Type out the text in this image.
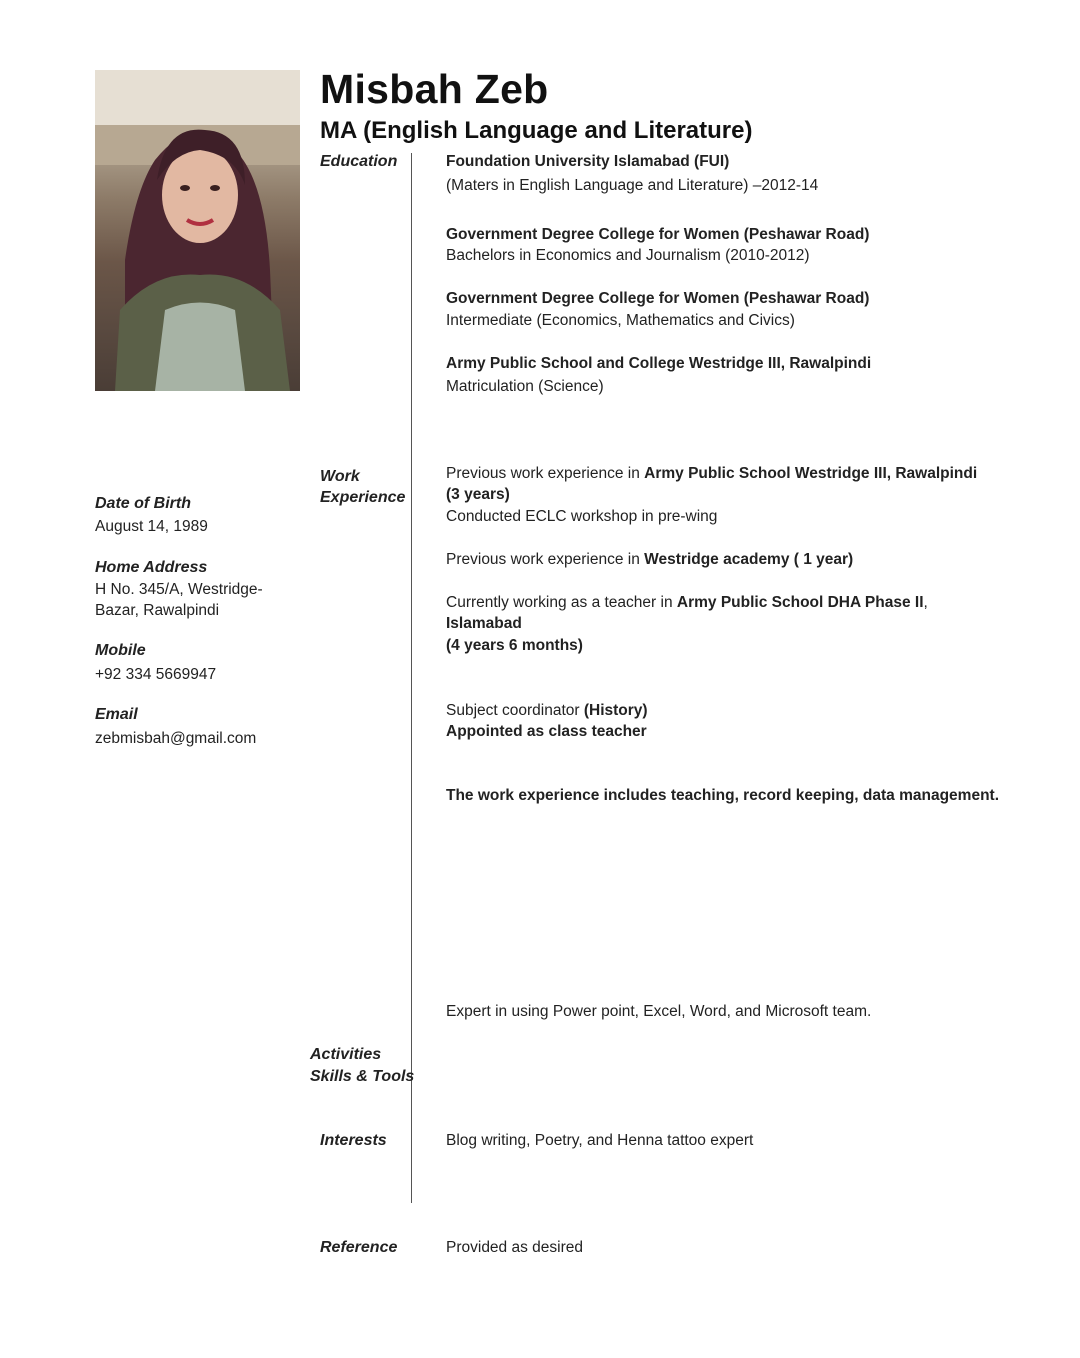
Misbah Zeb
MA (English Language and Literature)
Education
Work
Experience
Activities
Skills & Tools
Interests
Reference
Foundation University Islamabad (FUI)
(Maters in English Language and Literature) –2012-14
Government Degree College for Women (Peshawar Road)
Bachelors in Economics and Journalism (2010-2012)
Government Degree College for Women (Peshawar Road)
Intermediate (Economics, Mathematics and Civics)
Army Public School and College Westridge III, Rawalpindi
Matriculation (Science)
Previous work experience in Army Public School Westridge III, Rawalpindi
(3 years)
Conducted ECLC workshop in pre-wing
Previous work experience in Westridge academy ( 1 year)
Currently working as a teacher in Army Public School DHA Phase II,
Islamabad
(4 years 6 months)
Subject coordinator (History)
Appointed as class teacher
The work experience includes teaching, record keeping, data management.
Expert in using Power point, Excel, Word, and Microsoft team.
Blog writing, Poetry, and Henna tattoo expert
Provided as desired
Date of Birth
August 14, 1989
Home Address
H No. 345/A, Westridge-
Bazar, Rawalpindi
Mobile
+92 334 5669947
Email
zebmisbah@gmail.com
